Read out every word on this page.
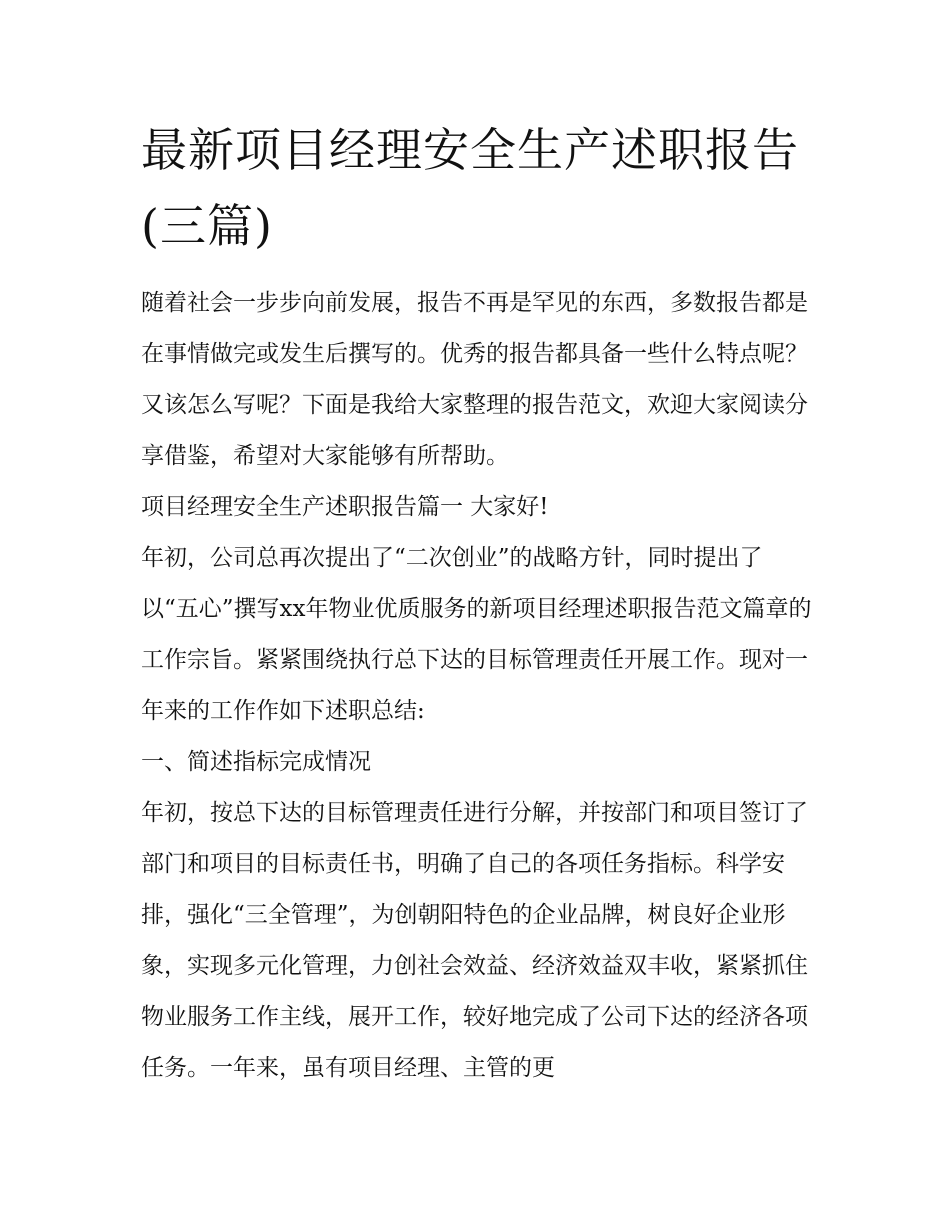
最新项目经理安全生产述职报告(三篇)

随着社会一步步向前发展，报告不再是罕见的东西，多数报告都是在事情做完或发生后撰写的。优秀的报告都具备一些什么特点呢？又该怎么写呢？下面是我给大家整理的报告范文，欢迎大家阅读分享借鉴，希望对大家能够有所帮助。

项目经理安全生产述职报告篇一 大家好!

年初，公司总再次提出了“二次创业”的战略方针，同时提出了以“五心”撰写xx年物业优质服务的新项目经理述职报告范文篇章的工作宗旨。紧紧围绕执行总下达的目标管理责任开展工作。现对一年来的工作作如下述职总结:

一、简述指标完成情况

年初，按总下达的目标管理责任进行分解，并按部门和项目签订了部门和项目的目标责任书，明确了自己的各项任务指标。科学安排，强化“三全管理”，为创朝阳特色的企业品牌，树良好企业形象，实现多元化管理，力创社会效益、经济效益双丰收，紧紧抓住物业服务工作主线，展开工作，较好地完成了公司下达的经济各项任务。一年来，虽有项目经理、主管的更
